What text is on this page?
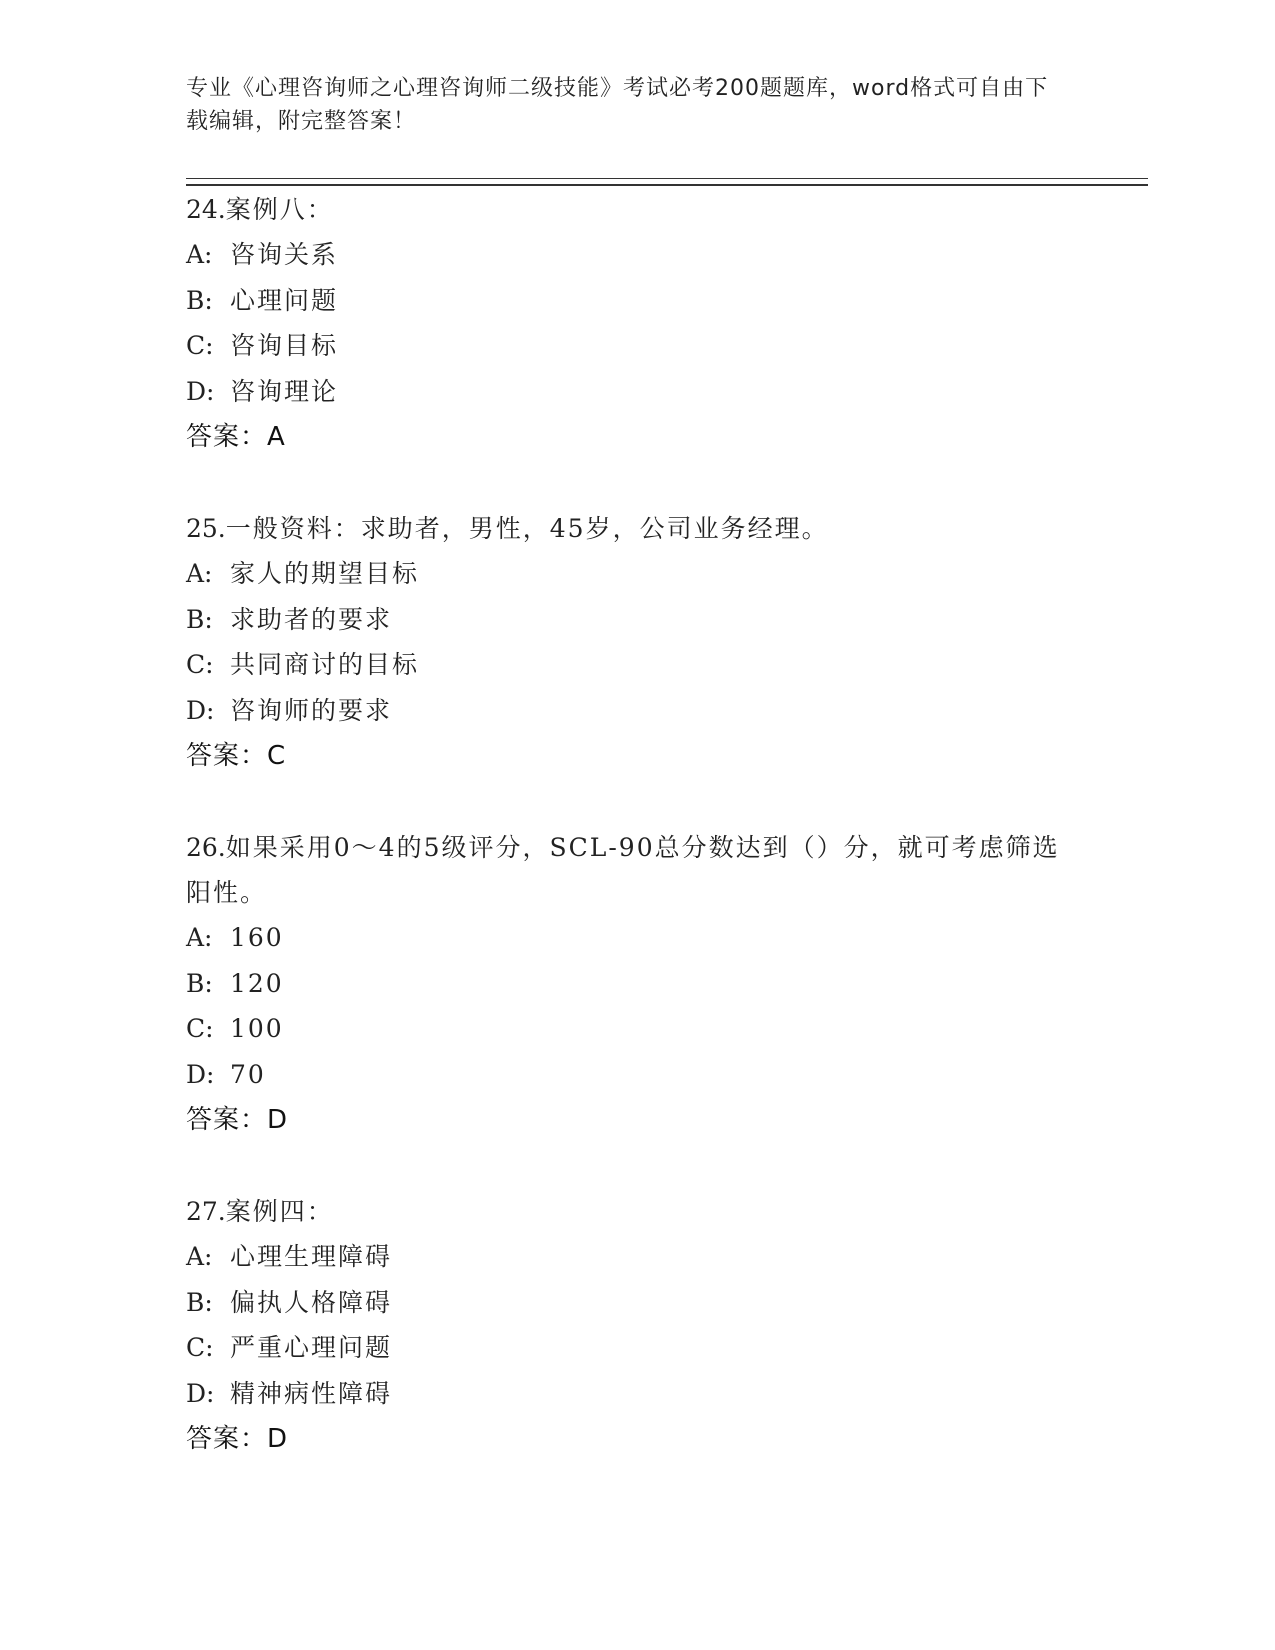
专业《心理咨询师之心理咨询师二级技能》考试必考200题题库，word格式可自由下载编辑，附完整答案！

24.案例八：

A: 咨询关系
B: 心理问题
C: 咨询目标
D: 咨询理论
答案： A

25.一般资料：求助者，男性，45岁，公司业务经理。

A: 家人的期望目标
B: 求助者的要求
C: 共同商讨的目标
D: 咨询师的要求
答案： C

26.如果采用0～4的5级评分，SCL-90总分数达到（）分，就可考虑筛选阳性。

A: 160
B: 120
C: 100
D: 70
答案： D

27.案例四：

A: 心理生理障碍
B: 偏执人格障碍
C: 严重心理问题
D: 精神病性障碍
答案： D
